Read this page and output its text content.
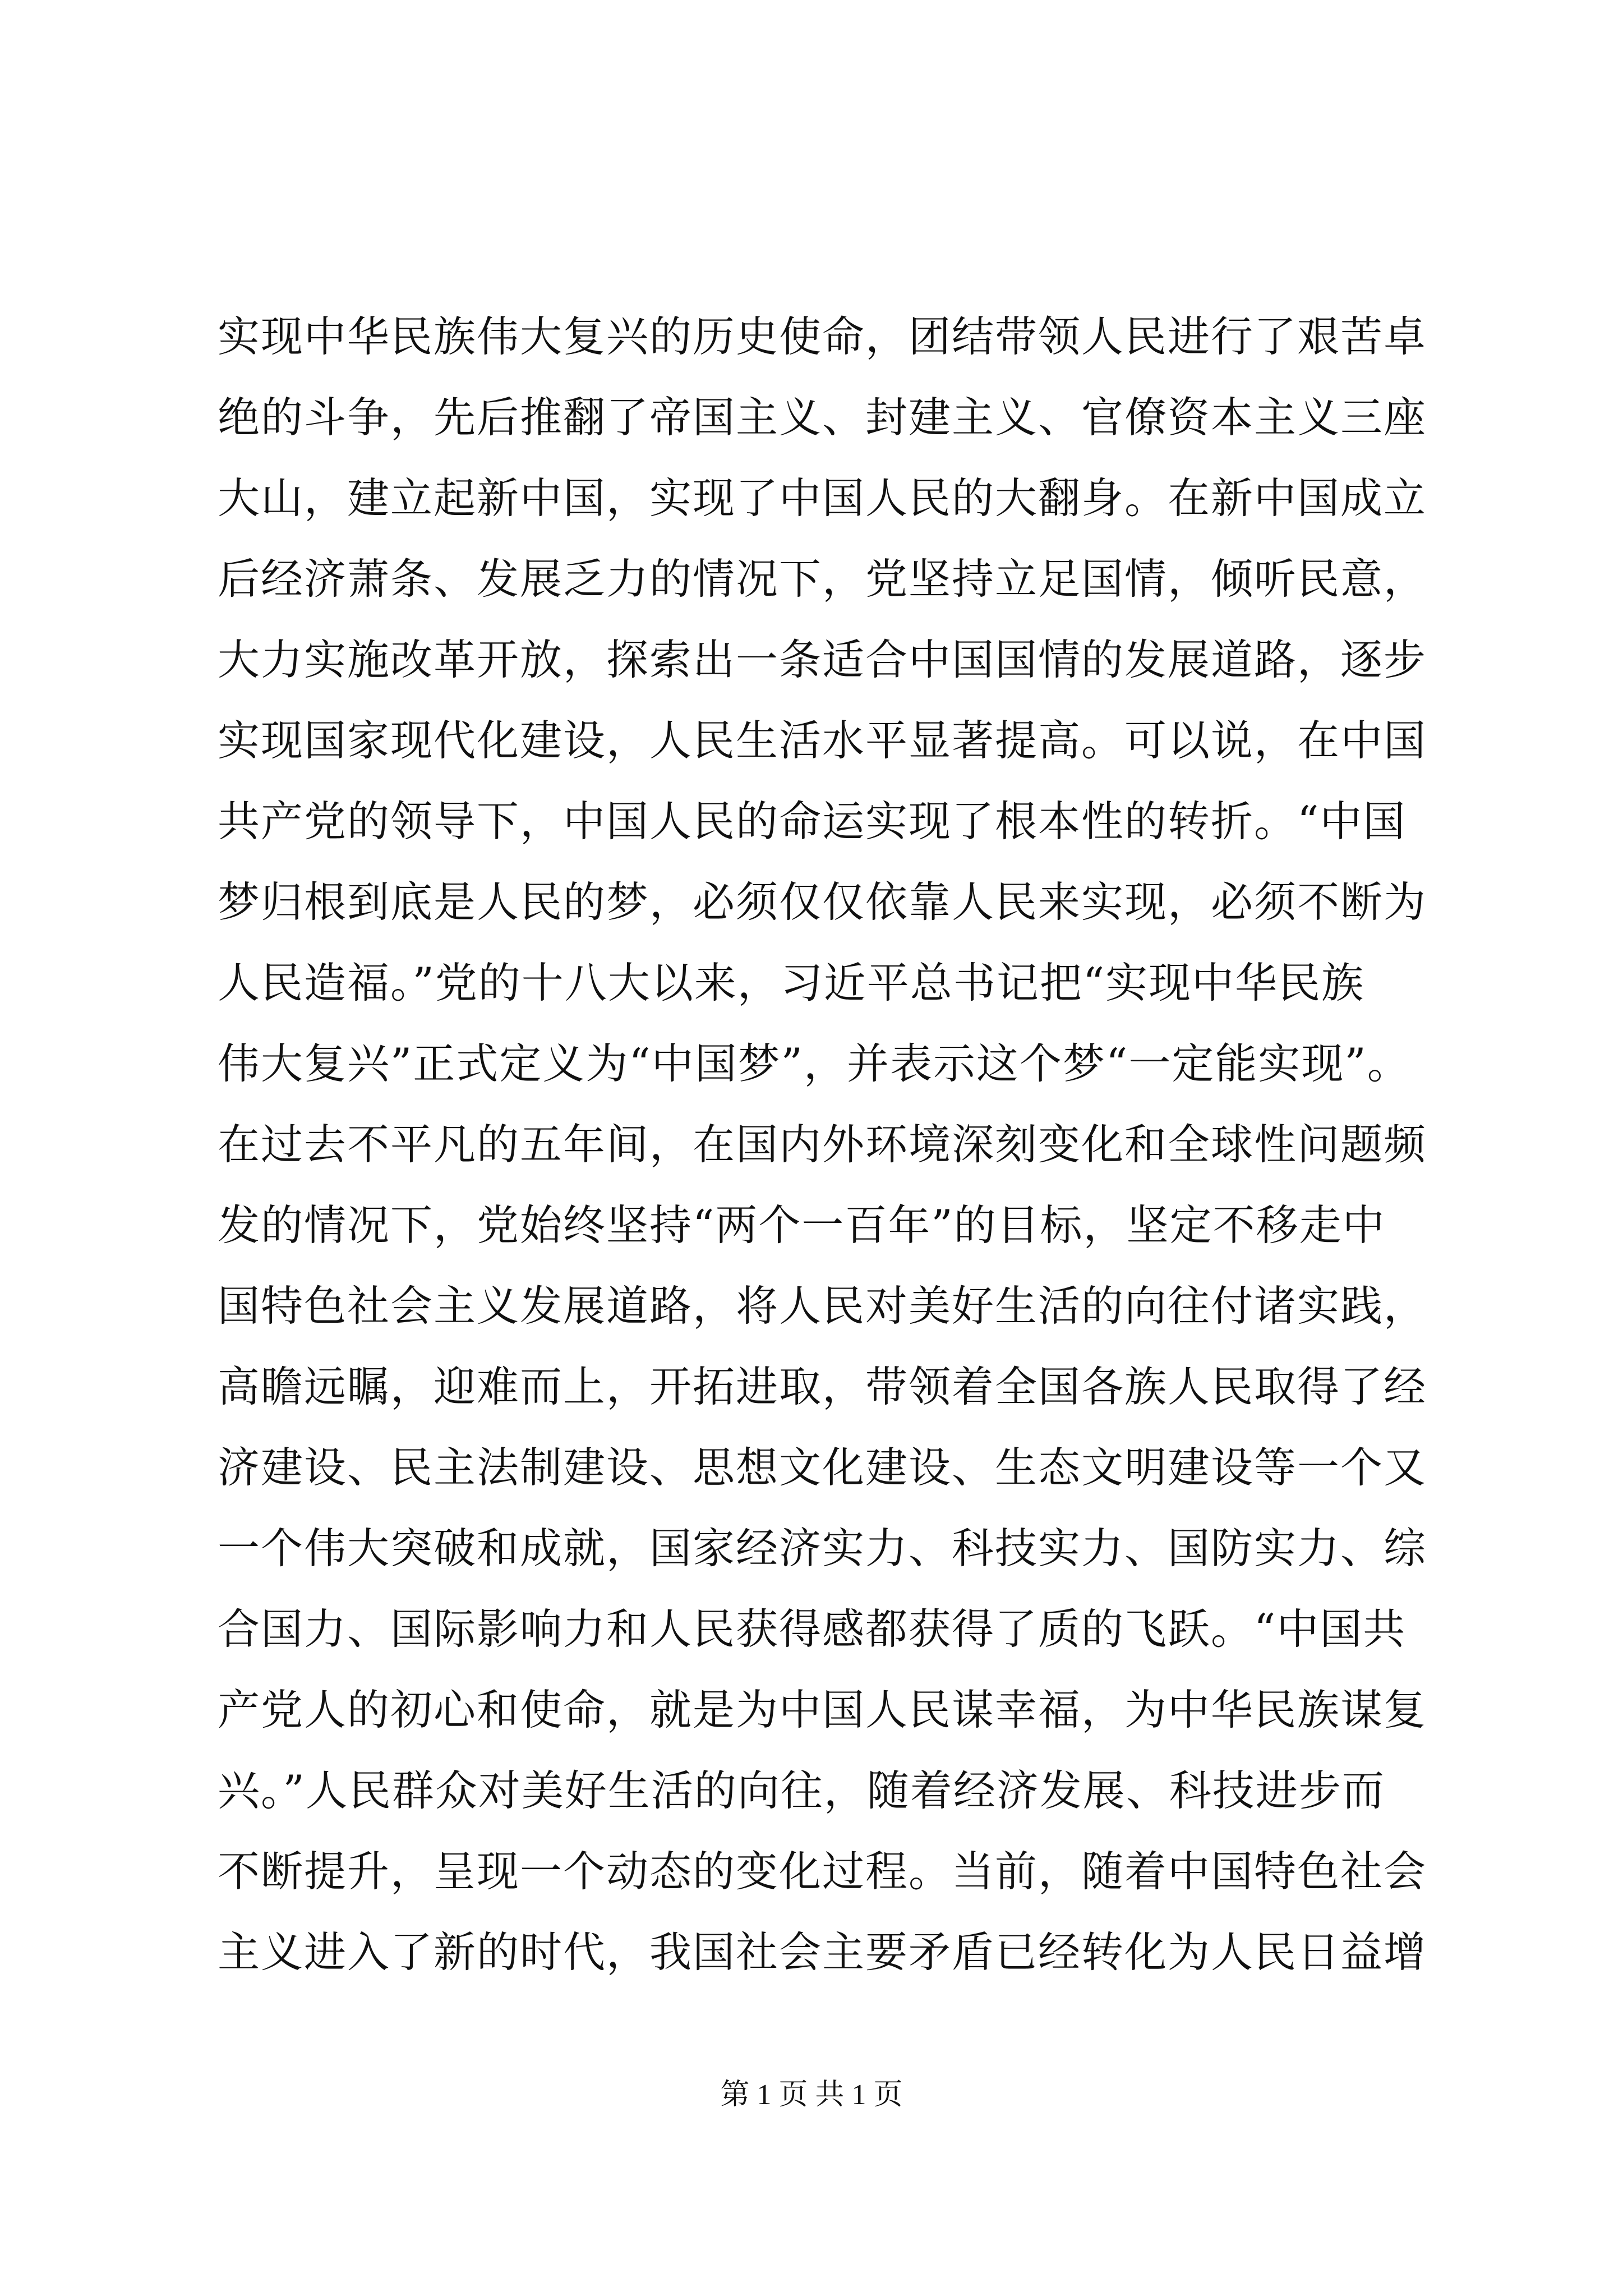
实现中华民族伟大复兴的历史使命，团结带领人民进行了艰苦卓
绝的斗争，先后推翻了帝国主义、封建主义、官僚资本主义三座
大山，建立起新中国，实现了中国人民的大翻身。在新中国成立
后经济萧条、发展乏力的情况下，党坚持立足国情，倾听民意，
大力实施改革开放，探索出一条适合中国国情的发展道路，逐步
实现国家现代化建设，人民生活水平显著提高。可以说，在中国
共产党的领导下，中国人民的命运实现了根本性的转折。“中国
梦归根到底是人民的梦，必须仅仅依靠人民来实现，必须不断为
人民造福。”党的十八大以来，习近平总书记把“实现中华民族
伟大复兴”正式定义为“中国梦”，并表示这个梦“一定能实现”。
在过去不平凡的五年间，在国内外环境深刻变化和全球性问题频
发的情况下，党始终坚持“两个一百年”的目标，坚定不移走中
国特色社会主义发展道路，将人民对美好生活的向往付诸实践，
高瞻远瞩，迎难而上，开拓进取，带领着全国各族人民取得了经
济建设、民主法制建设、思想文化建设、生态文明建设等一个又
一个伟大突破和成就，国家经济实力、科技实力、国防实力、综
合国力、国际影响力和人民获得感都获得了质的飞跃。“中国共
产党人的初心和使命，就是为中国人民谋幸福，为中华民族谋复
兴。”人民群众对美好生活的向往，随着经济发展、科技进步而
不断提升，呈现一个动态的变化过程。当前，随着中国特色社会
主义进入了新的时代，我国社会主要矛盾已经转化为人民日益增
第 1 页 共 1 页
